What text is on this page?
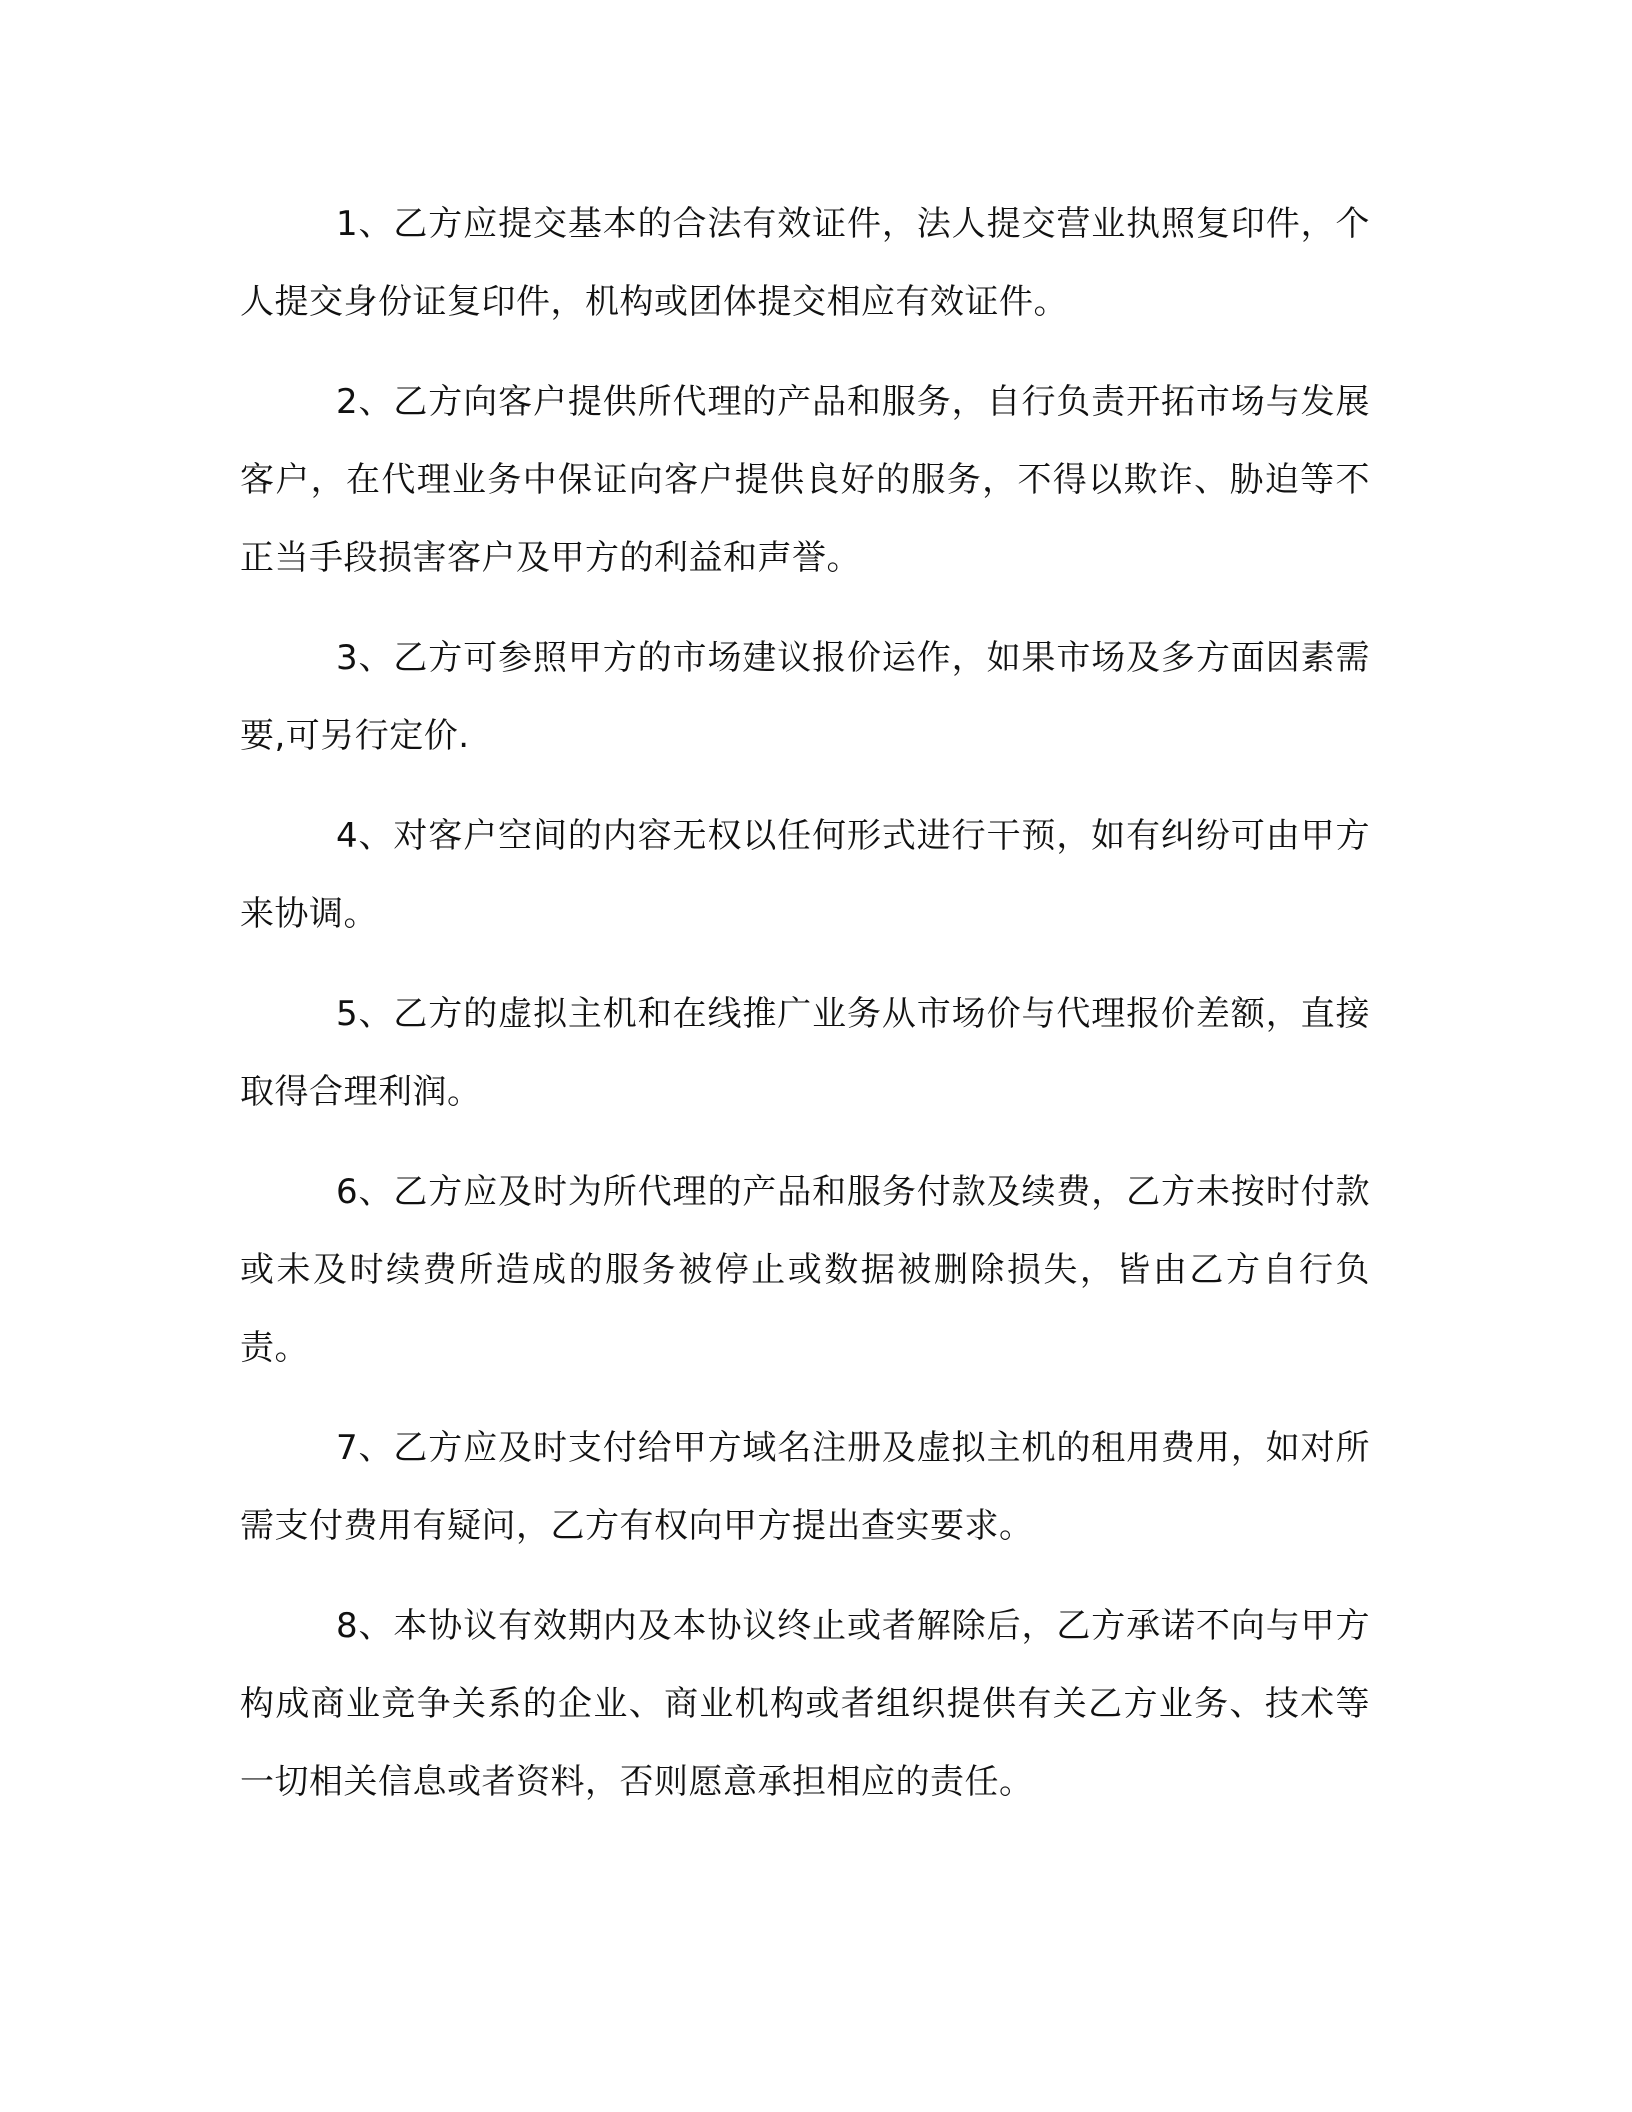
1、乙方应提交基本的合法有效证件，法人提交营业执照复印件，个人提交身份证复印件，机构或团体提交相应有效证件。

2、乙方向客户提供所代理的产品和服务，自行负责开拓市场与发展客户，在代理业务中保证向客户提供良好的服务，不得以欺诈、胁迫等不正当手段损害客户及甲方的利益和声誉。

3、乙方可参照甲方的市场建议报价运作，如果市场及多方面因素需要,可另行定价.

4、对客户空间的内容无权以任何形式进行干预，如有纠纷可由甲方来协调。

5、乙方的虚拟主机和在线推广业务从市场价与代理报价差额，直接取得合理利润。

6、乙方应及时为所代理的产品和服务付款及续费，乙方未按时付款或未及时续费所造成的服务被停止或数据被删除损失，皆由乙方自行负责。

7、乙方应及时支付给甲方域名注册及虚拟主机的租用费用，如对所需支付费用有疑问，乙方有权向甲方提出查实要求。

8、本协议有效期内及本协议终止或者解除后，乙方承诺不向与甲方构成商业竞争关系的企业、商业机构或者组织提供有关乙方业务、技术等一切相关信息或者资料，否则愿意承担相应的责任。
